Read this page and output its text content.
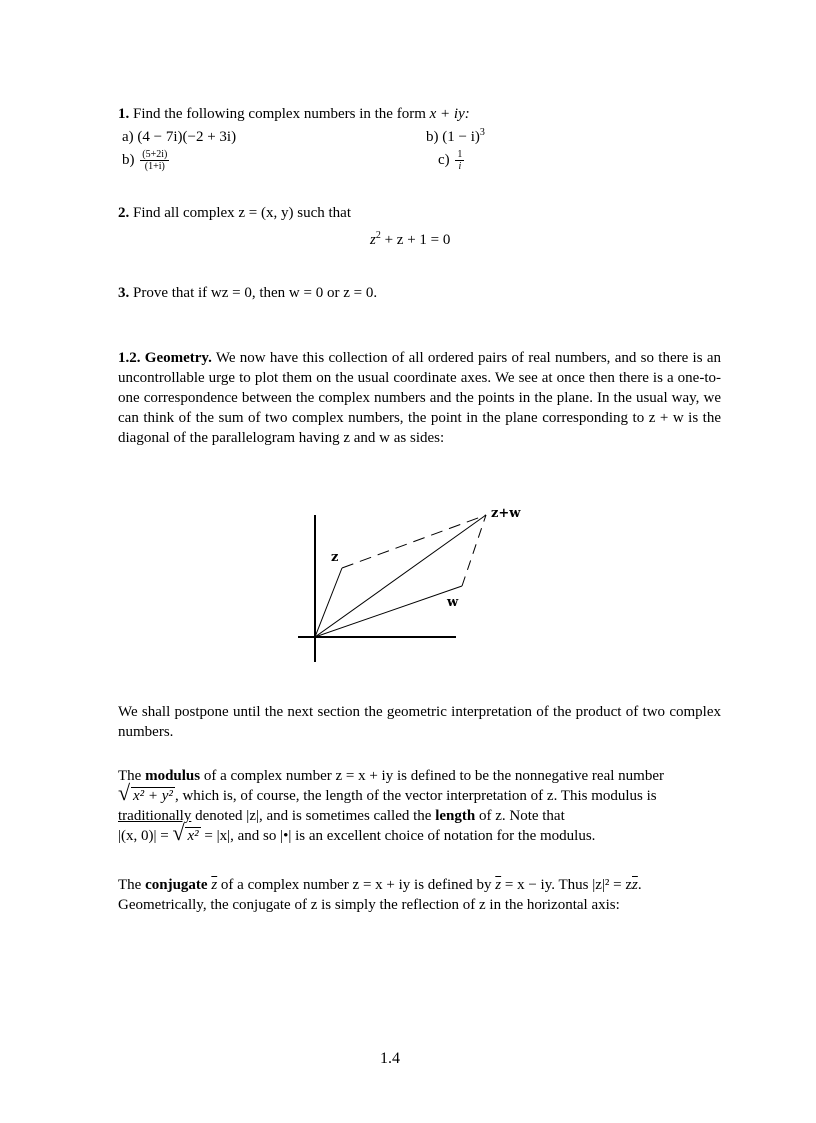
1. Find the following complex numbers in the form x + iy:
a) (4 − 7i)(−2 + 3i)	b) $(1 - i)^3$
$b) \frac{(5+2i)}{(1+i)}$	$c) \frac{1}{i}$
2. Find all complex z = (x, y) such that
$z^2 + z + 1 = 0$
3. Prove that if wz = 0, then w = 0 or z = 0.
1.2. Geometry. We now have this collection of all ordered pairs of real numbers, and so there is an uncontrollable urge to plot them on the usual coordinate axes. We see at once then there is a one-to-one correspondence between the complex numbers and the points in the plane. In the usual way, we can think of the sum of two complex numbers, the point in the plane corresponding to z + w is the diagonal of the parallelogram having z and w as sides:
z
w
z+w
We shall postpone until the next section the geometric interpretation of the product of two complex numbers.
The modulus of a complex number z = x + iy is defined to be the nonnegative real number

√ x² + y² , which is, of course, the length of the vector interpretation of z. This modulus is
traditionally denoted |z|, and is sometimes called the length of z. Note that
|(x, 0)| = √ x² = |x|, and so |•| is an excellent choice of notation for the modulus.
The conjugate $\overline{z}$ of a complex number z = x + iy is defined by $\overline{z} = x$ − iy. Thus $|z|^2 = z\overline{z}$.
Geometrically, the conjugate of z is simply the reflection of z in the horizontal axis:
1.4
